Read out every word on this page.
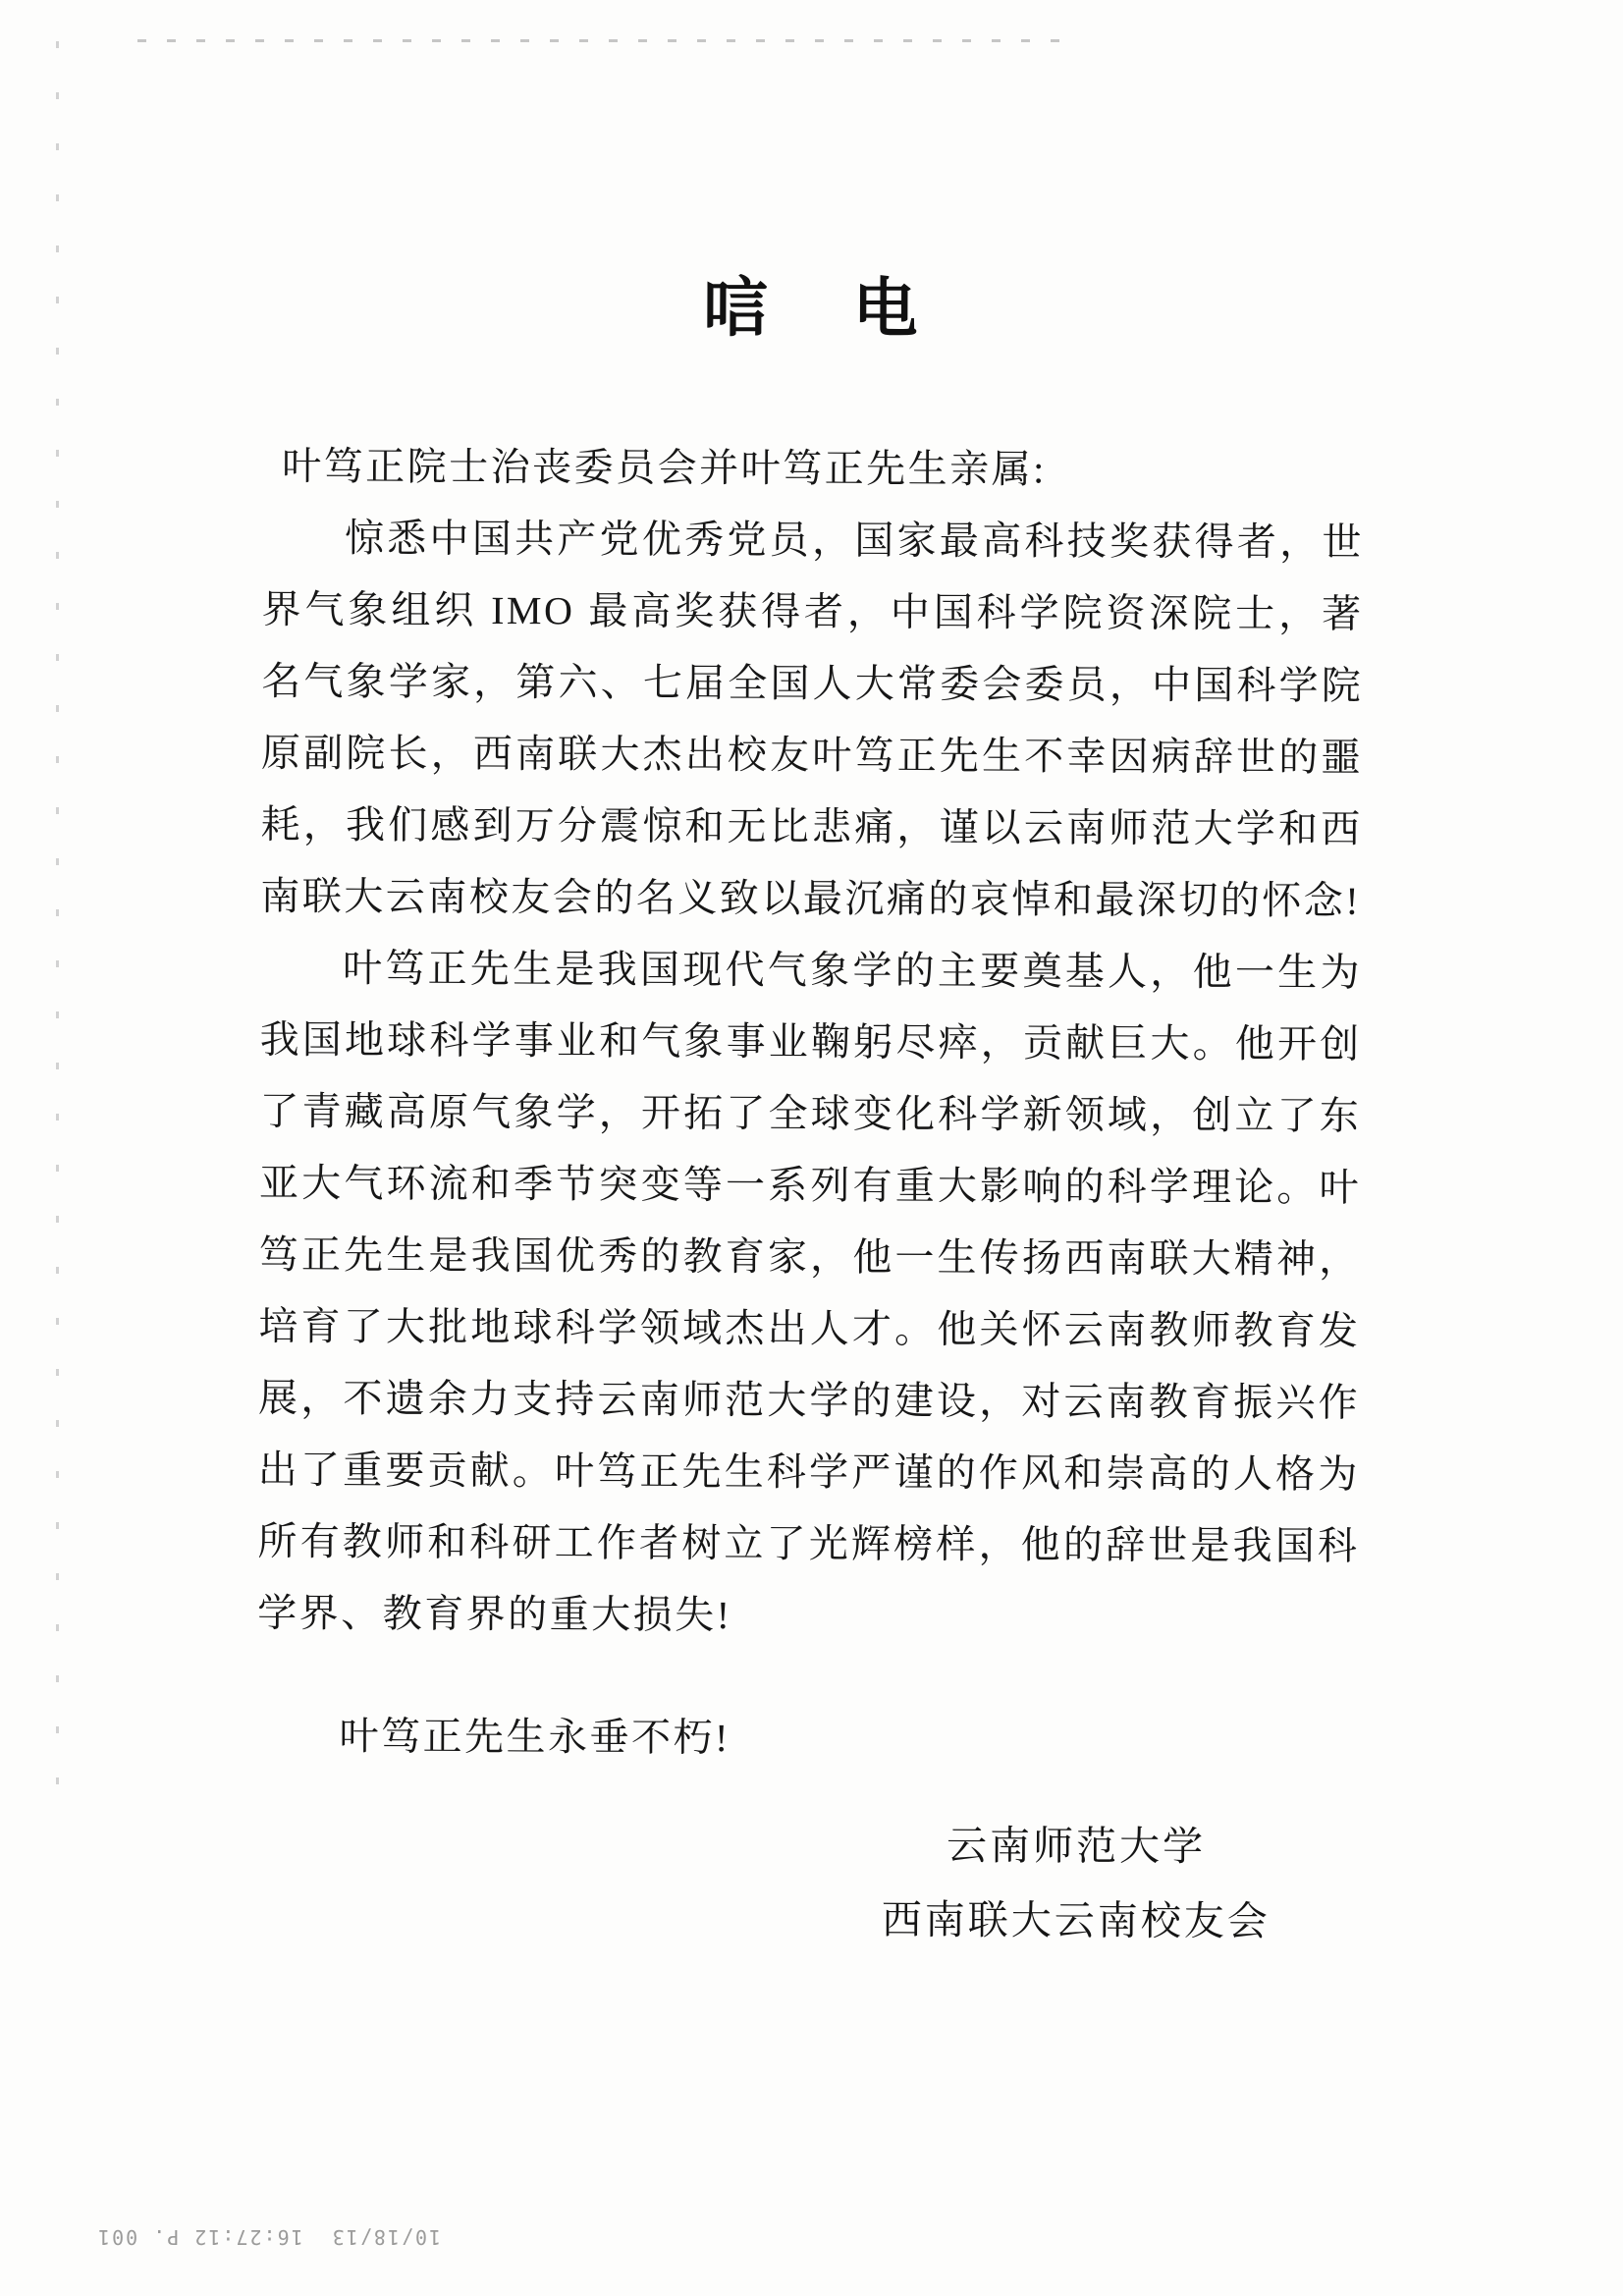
唁 电

叶笃正院士治丧委员会并叶笃正先生亲属:

惊悉中国共产党优秀党员，国家最高科技奖获得者，世界气象组织 IMO 最高奖获得者，中国科学院资深院士，著名气象学家，第六、七届全国人大常委会委员，中国科学院原副院长，西南联大杰出校友叶笃正先生不幸因病辞世的噩耗，我们感到万分震惊和无比悲痛，谨以云南师范大学和西南联大云南校友会的名义致以最沉痛的哀悼和最深切的怀念!

叶笃正先生是我国现代气象学的主要奠基人，他一生为我国地球科学事业和气象事业鞠躬尽瘁，贡献巨大。他开创了青藏高原气象学，开拓了全球变化科学新领域，创立了东亚大气环流和季节突变等一系列有重大影响的科学理论。叶笃正先生是我国优秀的教育家，他一生传扬西南联大精神，培育了大批地球科学领域杰出人才。他关怀云南教师教育发展，不遗余力支持云南师范大学的建设，对云南教育振兴作出了重要贡献。叶笃正先生科学严谨的作风和崇高的人格为所有教师和科研工作者树立了光辉榜样，他的辞世是我国科学界、教育界的重大损失!

叶笃正先生永垂不朽!

云南师范大学
西南联大云南校友会
10/18/13  16:27:12 P. 001
